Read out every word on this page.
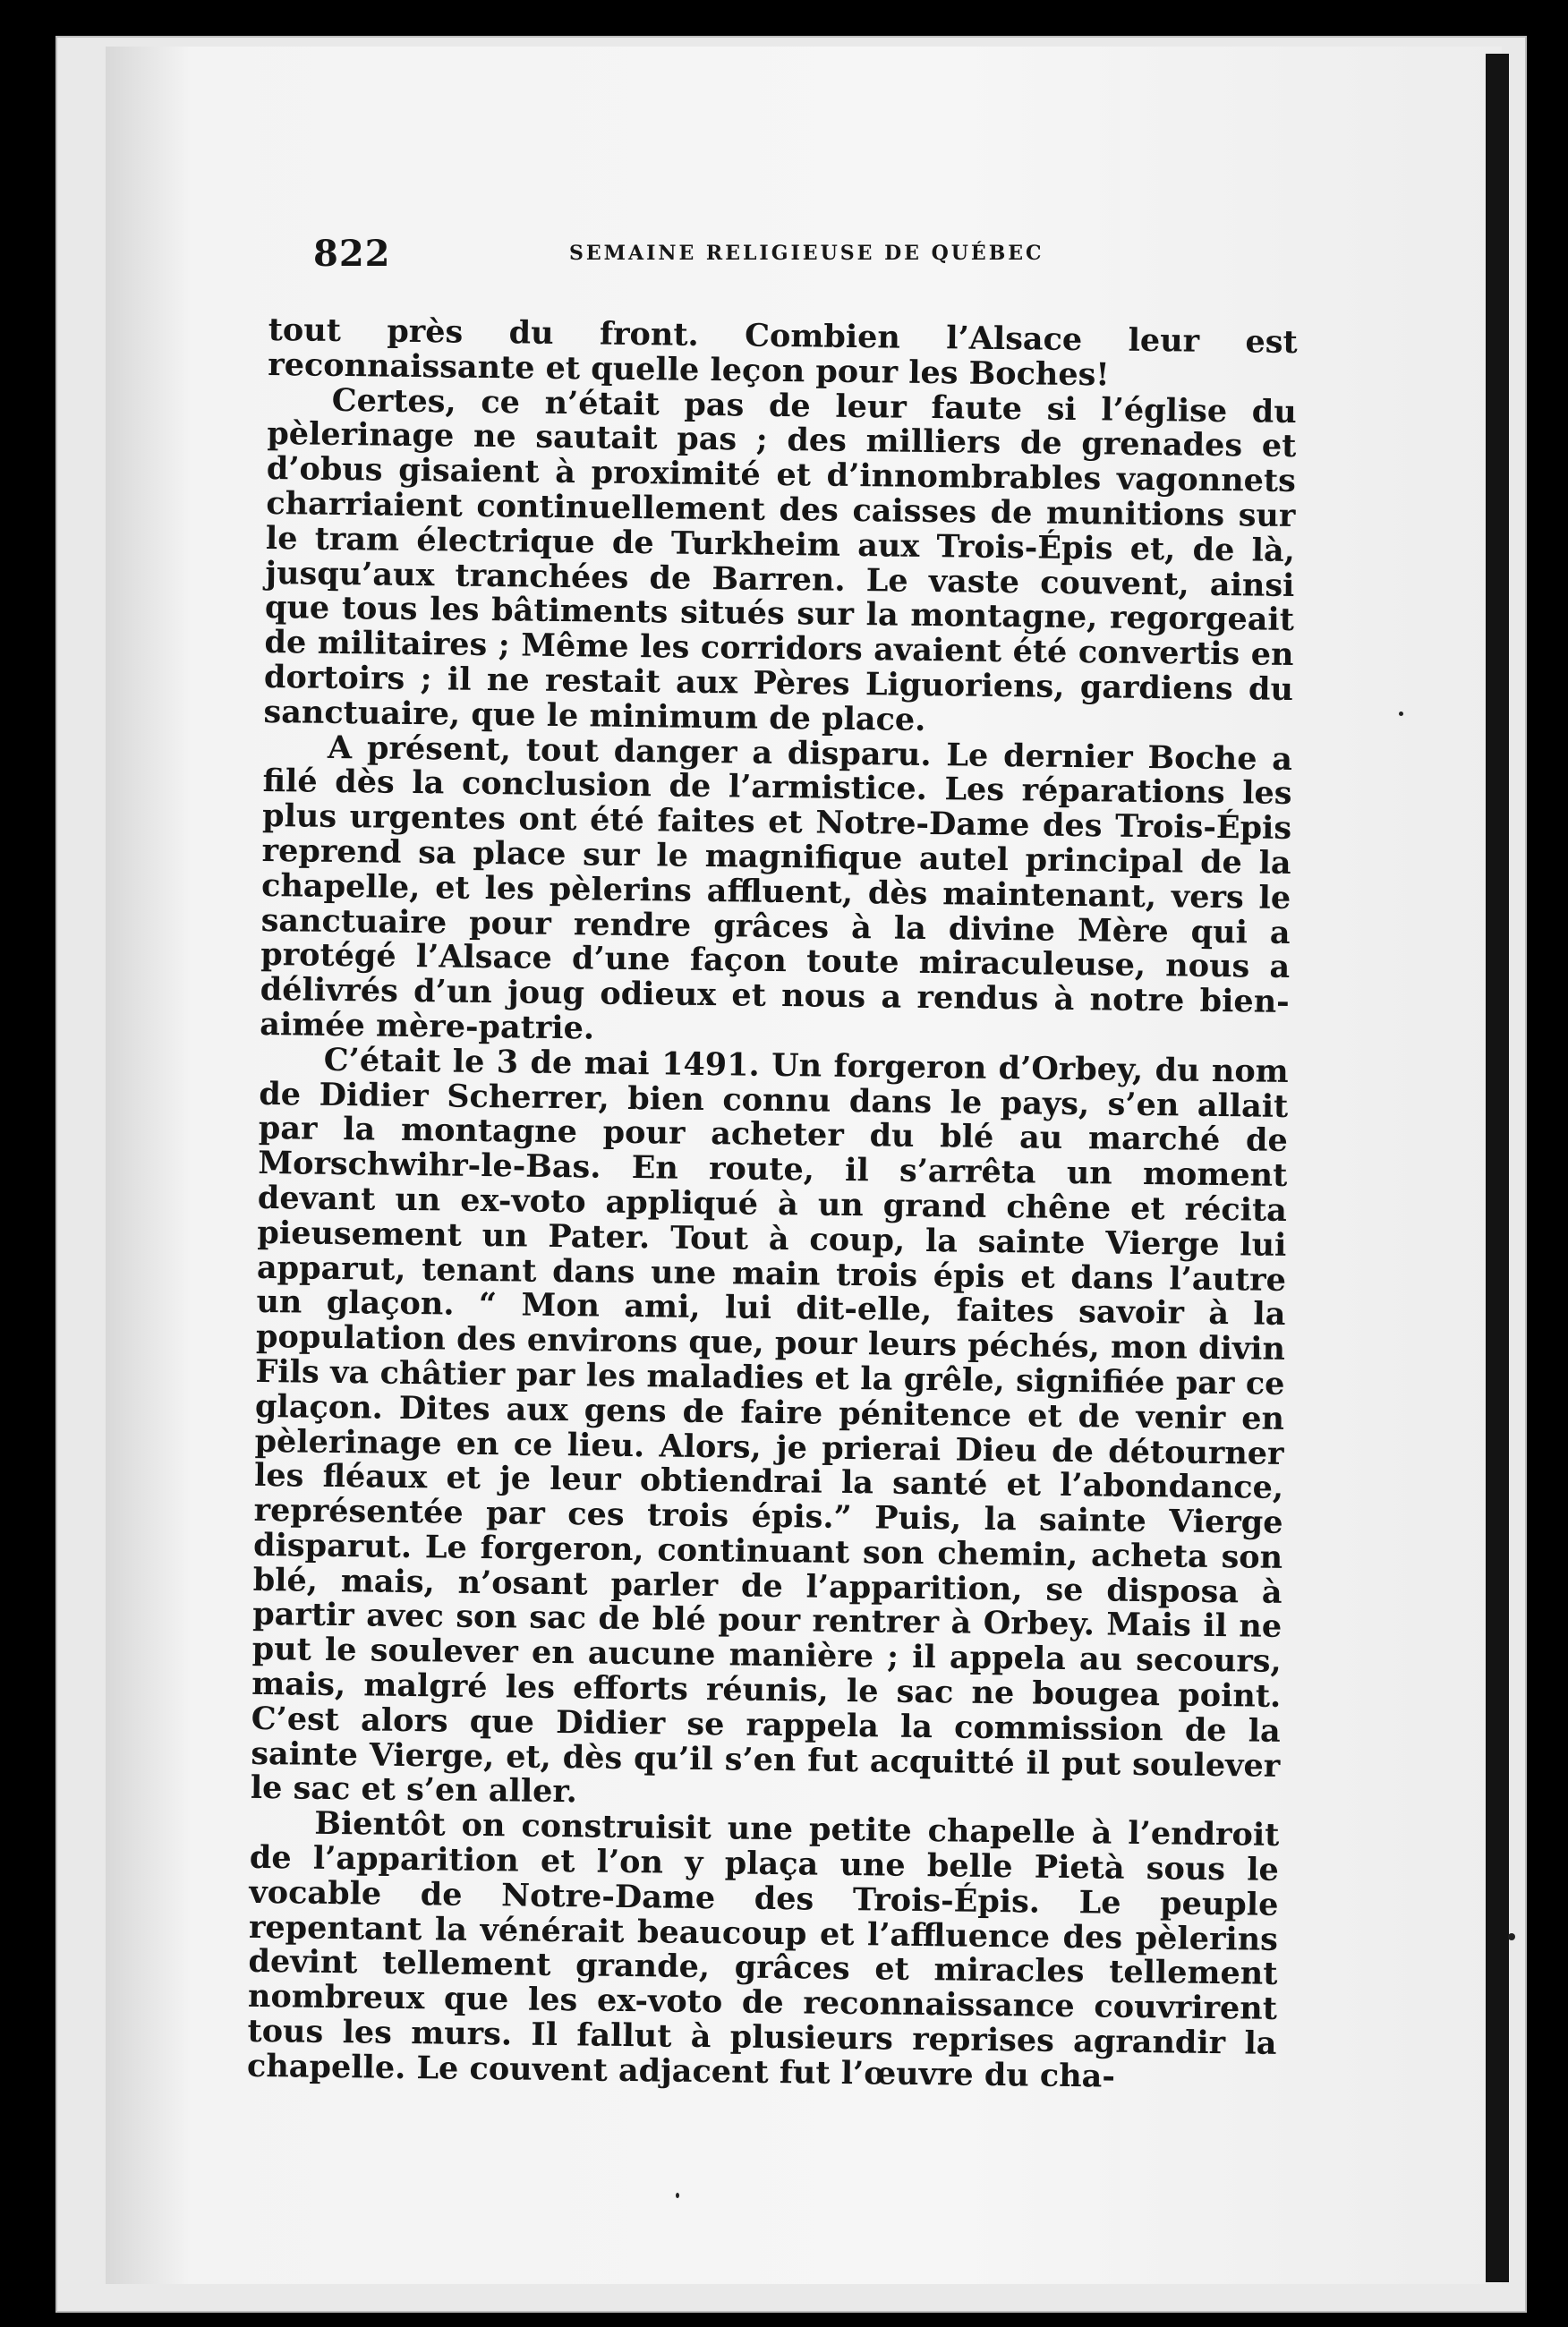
822	SEMAINE RELIGIEUSE DE QUÉBEC

tout près du front. Combien l’Alsace leur est reconnaissante et quelle leçon pour les Boches!

Certes, ce n’était pas de leur faute si l’église du pèlerinage ne sautait pas ; des milliers de grenades et d’obus gisaient à proximité et d’innombrables vagonnets charriaient continuellement des caisses de munitions sur le tram électrique de Turkheim aux Trois-Épis et, de là, jusqu’aux tranchées de Barren. Le vaste couvent, ainsi que tous les bâtiments situés sur la montagne, regorgeait de militaires ; Même les corridors avaient été convertis en dortoirs ; il ne restait aux Pères Liguoriens, gardiens du sanctuaire, que le minimum de place.

A présent, tout danger a disparu. Le dernier Boche a filé dès la conclusion de l’armistice. Les réparations les plus urgentes ont été faites et Notre-Dame des Trois-Épis reprend sa place sur le magnifique autel principal de la chapelle, et les pèlerins affluent, dès maintenant, vers le sanctuaire pour rendre grâces à la divine Mère qui a protégé l’Alsace d’une façon toute miraculeuse, nous a délivrés d’un joug odieux et nous a rendus à notre bien-aimée mère-patrie.

C’était le 3 de mai 1491. Un forgeron d’Orbey, du nom de Didier Scherrer, bien connu dans le pays, s’en allait par la montagne pour acheter du blé au marché de Morschwihr-le-Bas. En route, il s’arrêta un moment devant un ex-voto appliqué à un grand chêne et récita pieusement un Pater. Tout à coup, la sainte Vierge lui apparut, tenant dans une main trois épis et dans l’autre un glaçon. “ Mon ami, lui dit-elle, faites savoir à la population des environs que, pour leurs péchés, mon divin Fils va châtier par les maladies et la grêle, signifiée par ce glaçon. Dites aux gens de faire pénitence et de venir en pèlerinage en ce lieu. Alors, je prierai Dieu de détourner les fléaux et je leur obtiendrai la santé et l’abondance, représentée par ces trois épis.” Puis, la sainte Vierge disparut. Le forgeron, continuant son chemin, acheta son blé, mais, n’osant parler de l’apparition, se disposa à partir avec son sac de blé pour rentrer à Orbey. Mais il ne put le soulever en aucune manière ; il appela au secours, mais, malgré les efforts réunis, le sac ne bougea point. C’est alors que Didier se rappela la commission de la sainte Vierge, et, dès qu’il s’en fut acquitté il put soulever le sac et s’en aller.

Bientôt on construisit une petite chapelle à l’endroit de l’apparition et l’on y plaça une belle Pietà sous le vocable de Notre-Dame des Trois-Épis. Le peuple repentant la vénérait beaucoup et l’affluence des pèlerins devint tellement grande, grâces et miracles tellement nombreux que les ex-voto de reconnaissance couvrirent tous les murs. Il fallut à plusieurs reprises agrandir la chapelle. Le couvent adjacent fut l’œuvre du cha-
